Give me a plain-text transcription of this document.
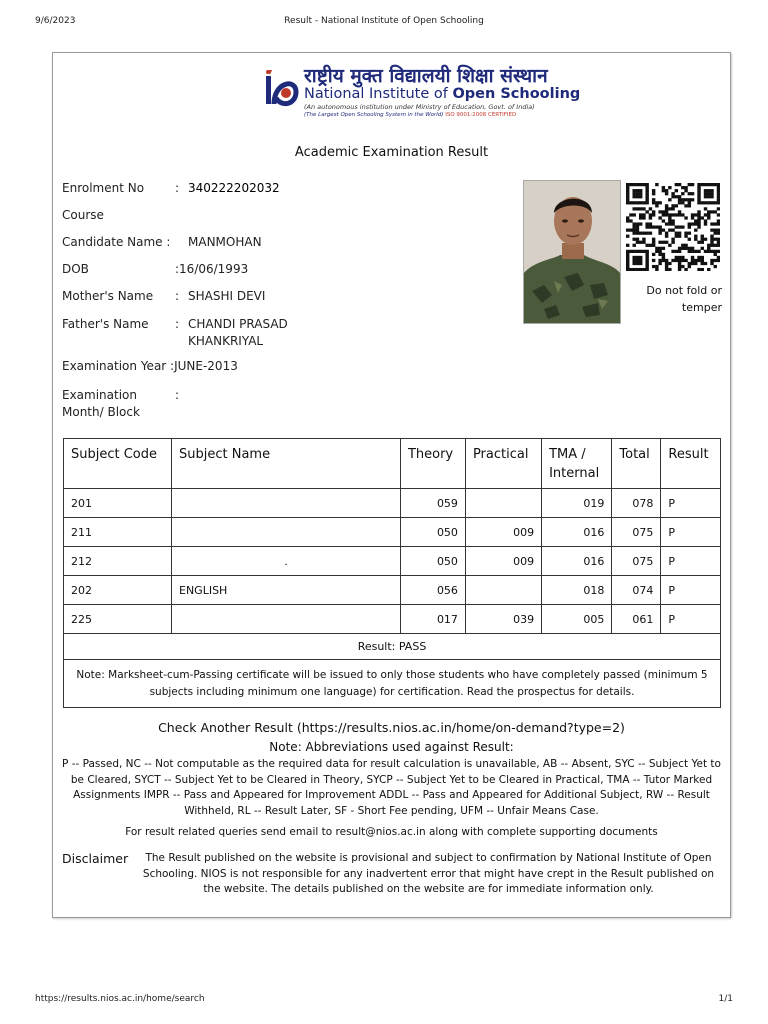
9/6/2023	Result - National Institute of Open Schooling
राष्ट्रीय मुक्त विद्यालयी शिक्षा संस्थान
National Institute of Open Schooling
(An autonomous institution under Ministry of Education, Govt. of India)
(The Largest Open Schooling System in the World) ISO 9001:2008 CERTIFIED
Academic Examination Result
Enrolment No	: 340222202032
Course
Candidate Name :	MANMOHAN
DOB	:16/06/1993
Mother's Name	: SHASHI DEVI
Father's Name	: CHANDI PRASAD KHANKRIYAL
Examination Year :JUNE-2013
Examination Month/ Block
:
Do not fold or temper
Subject Code	Subject Name	Theory	Practical	TMA / Internal	Total	Result
201		059		019	078	P
211		050	009	016	075	P
212	.	050	009	016	075	P
202	ENGLISH	056		018	074	P
225		017	039	005	061	P
Result: PASS						
Note: Marksheet-cum-Passing certificate will be issued to only those students who have completely passed (minimum 5 subjects including minimum one language) for certification. Read the prospectus for details.						
Check Another Result (https://results.nios.ac.in/home/on-demand?type=2)
Note: Abbreviations used against Result:
P -- Passed, NC -- Not computable as the required data for result calculation is unavailable, AB -- Absent, SYC -- Subject Yet to be Cleared, SYCT -- Subject Yet to be Cleared in Theory, SYCP -- Subject Yet to be Cleared in Practical, TMA -- Tutor Marked Assignments IMPR -- Pass and Appeared for Improvement ADDL -- Pass and Appeared for Additional Subject, RW -- Result Withheld, RL -- Result Later, SF - Short Fee pending, UFM -- Unfair Means Case.
For result related queries send email to result@nios.ac.in along with complete supporting documents
Disclaimer	The Result published on the website is provisional and subject to confirmation by National Institute of Open Schooling. NIOS is not responsible for any inadvertent error that might have crept in the Result published on the website. The details published on the website are for immediate information only.
https://results.nios.ac.in/home/search	1/1
